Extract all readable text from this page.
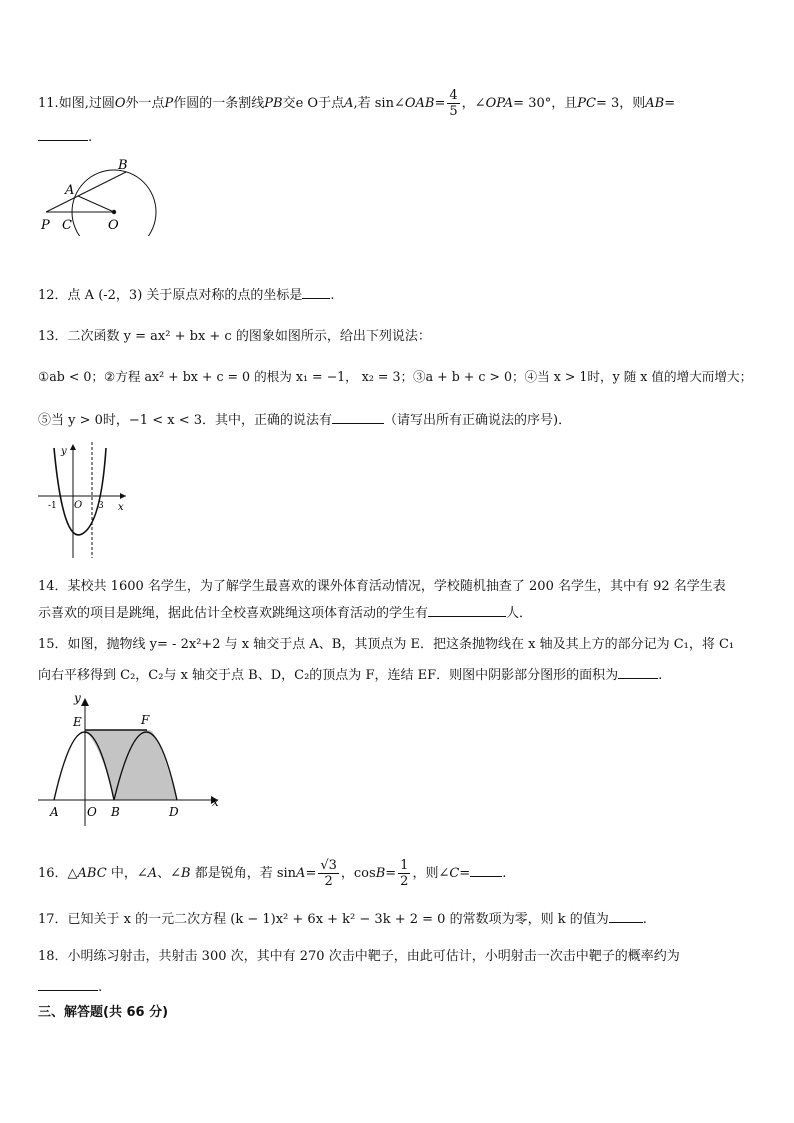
11.如图,过圆O外一点P作圆的一条割线PB交e O于点A,若 sin∠OAB= $\frac{4}{5}$ ，∠OPA= 30°，且PC= 3，则AB=
.
B
A
P C	O
12．点 A (-2，3) 关于原点对称的点的坐标是 .
13．二次函数 y = ax² + bx + c 的图象如图所示，给出下列说法：
①ab < 0；②方程 ax² + bx + c = 0 的根为 x₁ = −1， x₂ = 3；③a + b + c > 0；④当 x > 1时，y 随 x 值的增大而增大；
⑤当 y > 0时，−1 < x < 3．其中，正确的说法有	（请写出所有正确说法的序号)．
y
x
O
-1	3
14．某校共 1600 名学生，为了解学生最喜欢的课外体育活动情况，学校随机抽查了 200 名学生，其中有 92 名学生表
示喜欢的项目是跳绳，据此估计全校喜欢跳绳这项体育活动的学生有	人．
15．如图，抛物线 y= - 2x²+2 与 x 轴交于点 A、B，其顶点为 E．把这条抛物线在 x 轴及其上方的部分记为 C₁，将 C₁
向右平移得到 C₂，C₂与 x 轴交于点 B、D，C₂的顶点为 F，连结 EF．则图中阴影部分图形的面积为	.
y
x
E	F
A O B	D
16．△ABC 中，∠A、∠B 都是锐角，若 $\sin A= \frac{√3}{2}$ ，$\cos B= \frac{1}{2}$ ，则∠C= .
17．已知关于 x 的一元二次方程 (k − 1)x² + 6x + k² − 3k + 2 = 0 的常数项为零，则 k 的值为	.
18．小明练习射击，共射击 300 次，其中有 270 次击中靶子，由此可估计，小明射击一次击中靶子的概率约为
.
三、解答题(共 66 分)
